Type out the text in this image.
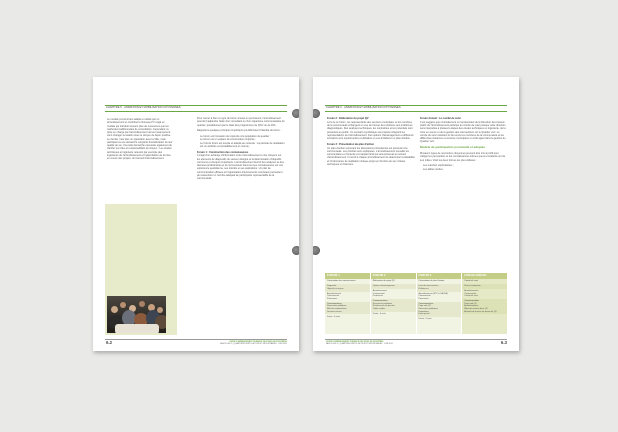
CHAPITRE 5 · ANIMATION ET MOBILISATION CITOYENNES

Le modèle prend à bien adapté et utilisé par un arrondissement et contribué le Nouveau? Il s'agit un modèle qui introduit souvent plus de ressources que les méthodes traditionnelles de consultation. Cependant, la prise en charge par l'arrondissement de leur avancement, vient changer la relation avec le citoyen de façon positive. Le dernier n'est plus un opposition avec la Ville, mais participant à une démarche conjointe d'amélioration de leur qualité de vie. Une telle démarche nécessite également de clarifier les rôles et responsabilités du citoyen : Les études techniques et ingénierie relevant par exemple des ingénieurs de l'arrondissement et l'approbation de la mise en œuvre des projets, du Conseil d'arrondissement.

Pour mener à bien ce type de forum annuel ou permanent, l'arrondissement pourrait s'adjoindre l'aide d'un consultant ou d'un organisme communautaire du quartier, possiblement par le biais des programmes de QCC ou de RUI.

Rappelons quelques principes importants qui définissent l'identité du forum :

• Le forum est l'occasion de répondre à la population du quartier ;
• Le forum est un espace de construction conjointe ;
• Le fruit du forum est souple et adapté au contexte : La période de réalisation est un activités est préalablement et connue ;

Forum 1 : Construction des connaissances

Il s'agit d'un échange d'information entre l'arrondissement et les citoyens sur les éléments de diagnostic du secteur désigné et la détermination d'objectifs communs et d'enjeux importants. L'arrondissement fournit des analyses et des données préliminaires et la communauté transmet ses connaissances sur son expérience quotidienne, ses intérêts et ses aspirations. Un plan de communication efficace et l'organisation d'événements conviviaux permettent de rassembler un nombre adéquat de participants représentatifs de la communauté.

6.2	GUIDE D'AMÉNAGEMENT DURABLE DES RUES DE MONTRÉAL
FASCICULE 1 | QUARTIERS VERTS, ACTIFS ET SÉCURITAIRES · JUIN 2011
CHAPITRE 6 · ANIMATION ET MOBILISATION CITOYENNES

Forum 2 : Élaboration du projet QV

Lors de ce forum, les représentants des services municipaux et les membres de la communauté échangent en vue de trouver des solutions aux problèmes diagnostiqués. Des analyses techniques, les contraintes et les potentiels sont présentés au public. Un scénario synthétique est proposé intégrant les représentations de l'arrondissement. Des options d'aménagement et différents scénarios sont expérimentés et débattus en vue d'élaborer un plan d'action.

Forum 3 : Présentation du plan d'action

Un plan d'action reprenant les discussions précédentes est présenté à la communauté. Les priorités sont expliquées. L'arrondissement recueille les commentaires et l'entente est rappelé final qui sera présenté au conseil d'arrondissement. Il inscrit à chaque arrondissement de déterminer la faisabilité et l'ordonnance de réalisation chaque projet en fonction de ses critères techniques et financiers.

Forum Annuel : Le comité de suivi

Il est suggéré que minimalement un représentant de la Direction des travaux public de l'arrondissement participe au comité de suivi puisque cette direction sera interpellée à plusieurs étapes des études techniques en ingénierie, de la mise en œuvre et de la gestion des interventions sur le Quartier vert. Le comité de suivi maintient le lien entre les membres de la communauté et les différentes instances et services municipaux et a fait appel dans la gestion du Quartier vert.

Modèle de participation ponctuelle et adaptée

Plusieurs types de rencontres citoyennes peuvent être mis à profit pour colliger les perceptions et les connaissances intimes que les résidents ont de leur milieu. Voici les deux formes les plus utilisées :

• Les marches exploratoires ;
• Les tables rondes.
FORUM 1
Construction des connaissances
Diagnostic
Objectifs et enjeux
Arrondissement
Communauté
Partenaires
Communications
Rencontres publiques
Marches exploratoires
Journaux locaux
Durée : 6 mois
FORUM 2
Élaboration du projet QV
Options d'aménagement
Arrondissement
Communauté
Partenaires
Communications
Rencontres publiques
Rendez-vous de quartier
Tables rondes
Durée : 6 mois
FORUM 3
Présentation du plan d'action
Liste des interventions
Échéancier
Arrondissement (STP et DAUSE)
Communauté
Partenaires
Communications
Page web QV
Rencontres publiques
Expositions
Envoi postal
Durée : 6 mois
FORUM ANNUEL
Comité de suivi
Suivi et évaluation
Arrondissement
Communauté
Comité de suivi
Communications
Page web QV
Arrondissement
Bilan des actions dans QV
Activités de la mise en œuvre du QV
GUIDE D'AMÉNAGEMENT DURABLE DES RUES DE MONTRÉAL
FASCICULE 1 | QUARTIERS VERTS, ACTIFS ET SÉCURITAIRES · JUIN 2011	6.3
